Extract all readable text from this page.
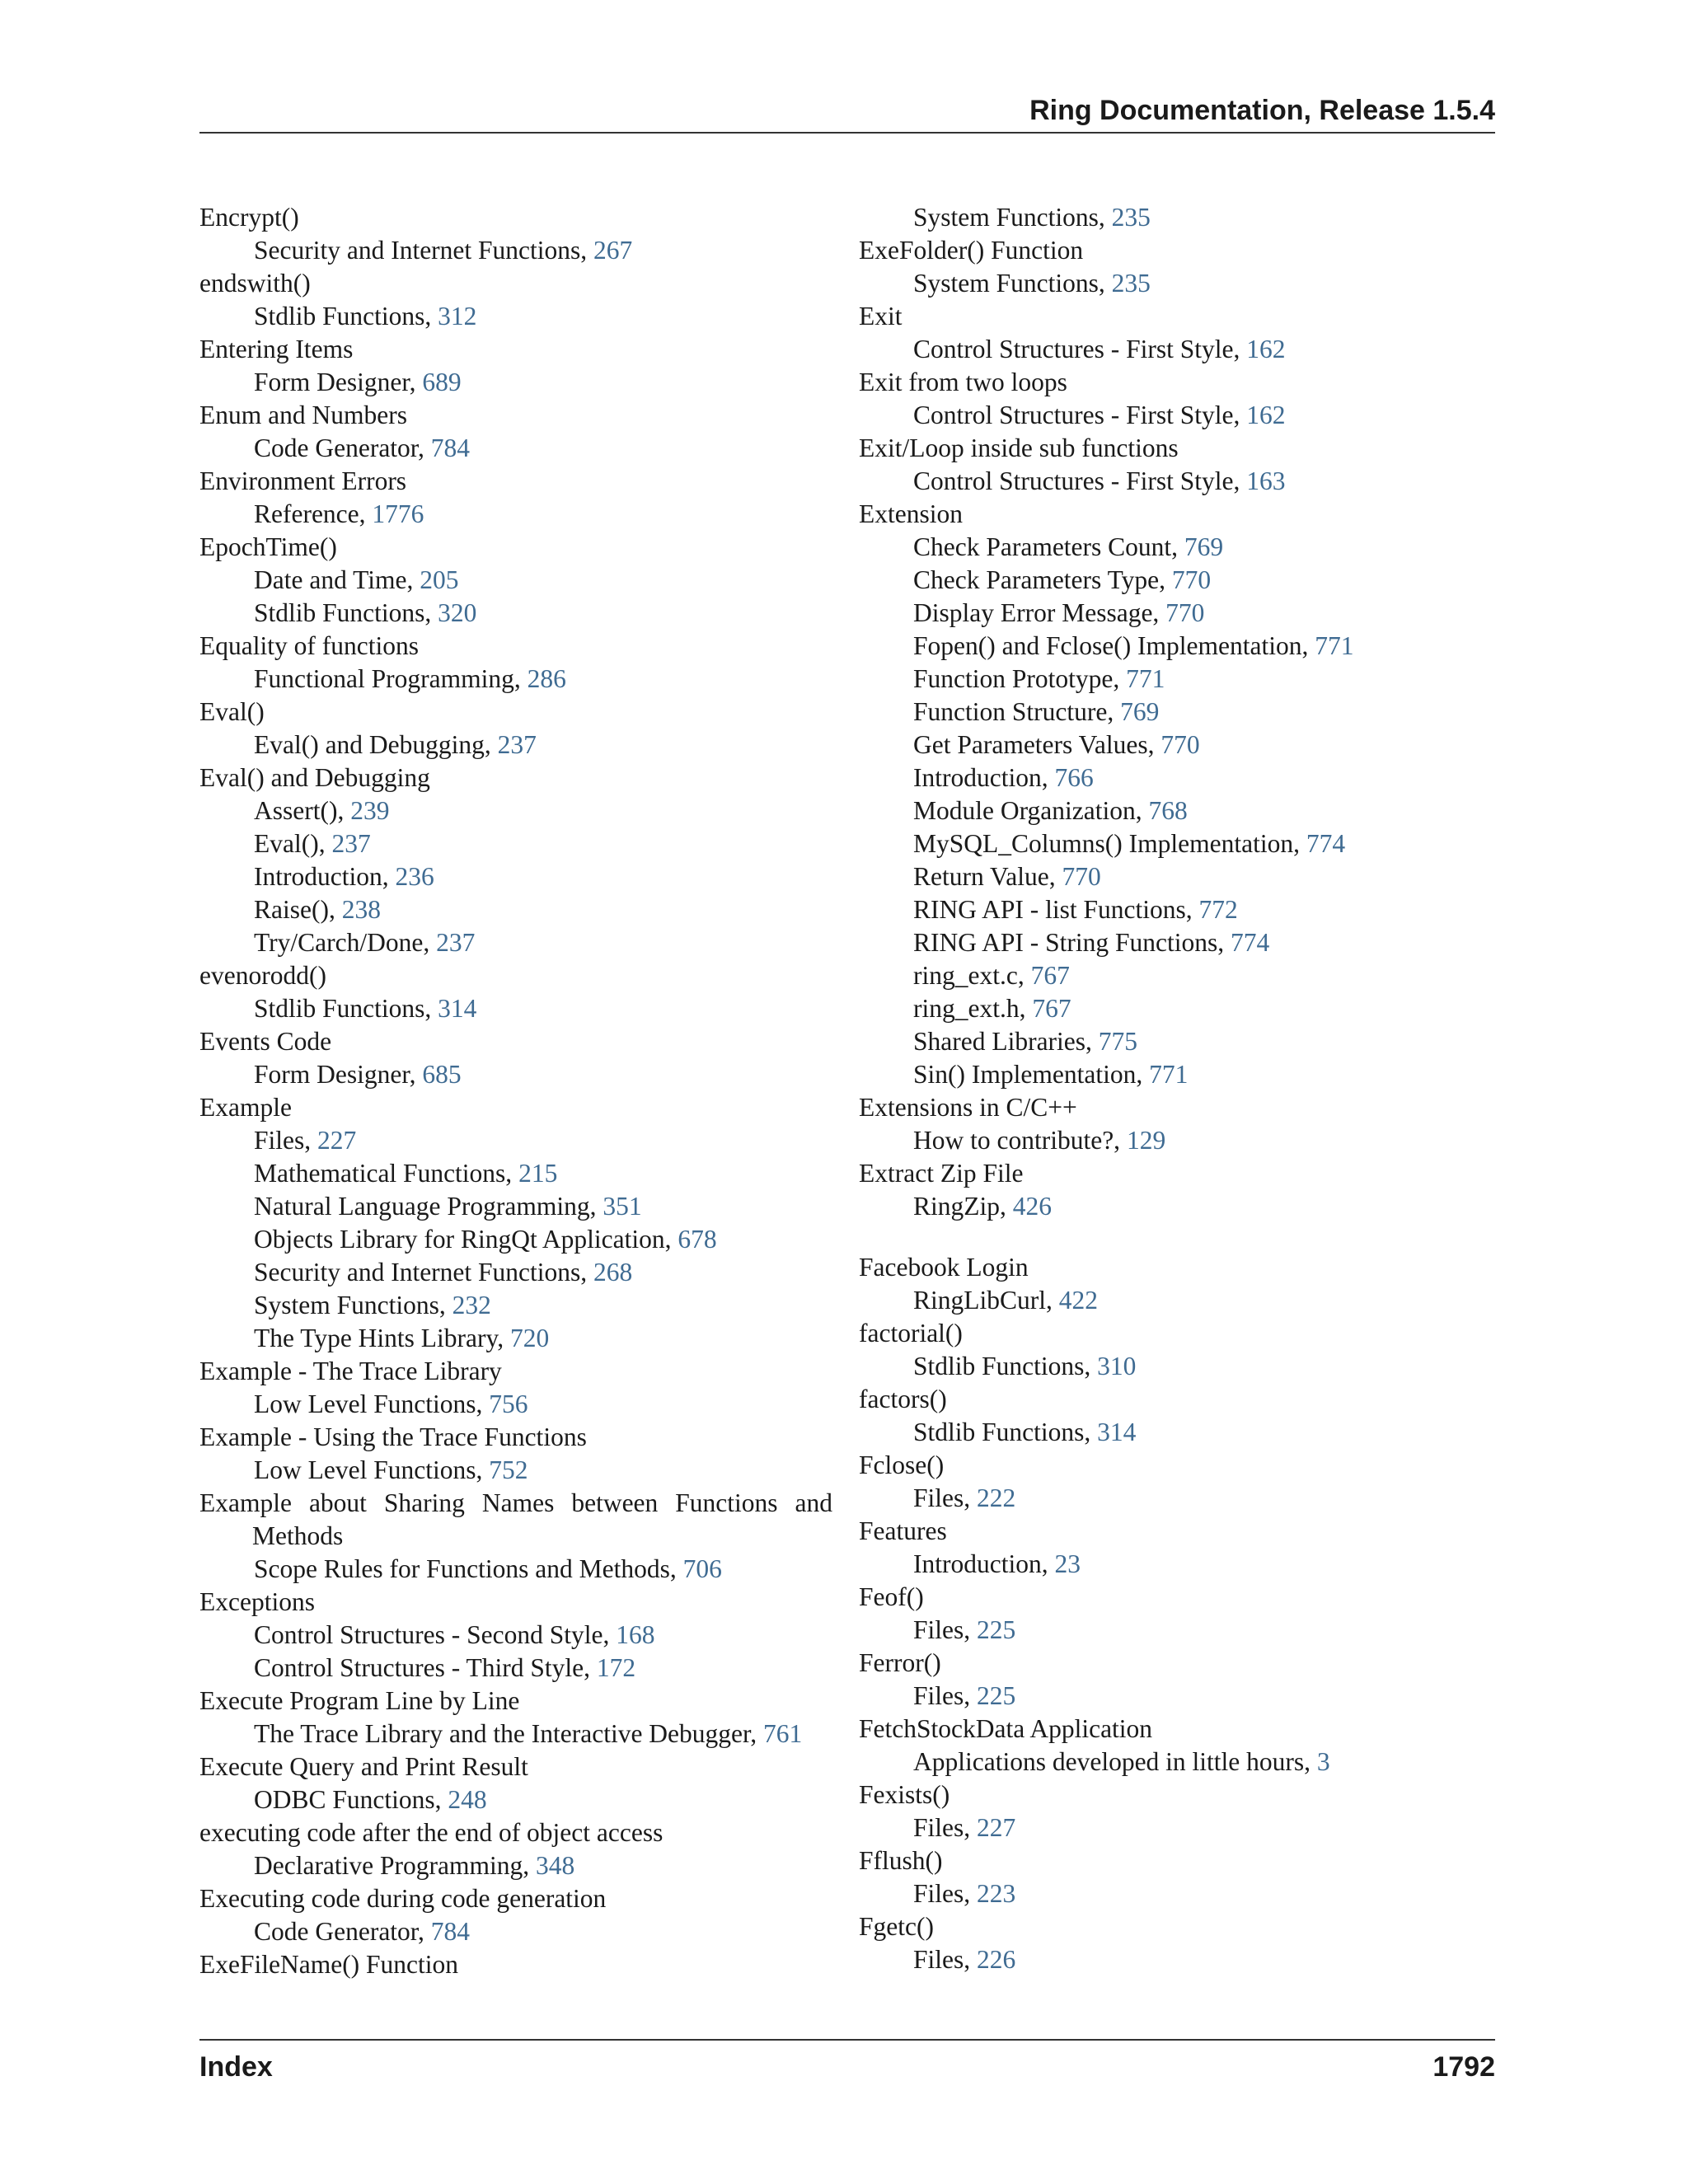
Ring Documentation, Release 1.5.4
Encrypt()
Security and Internet Functions, 267
endswith()
Stdlib Functions, 312
Entering Items
Form Designer, 689
Enum and Numbers
Code Generator, 784
Environment Errors
Reference, 1776
EpochTime()
Date and Time, 205
Stdlib Functions, 320
Equality of functions
Functional Programming, 286
Eval()
Eval() and Debugging, 237
Eval() and Debugging
Assert(), 239
Eval(), 237
Introduction, 236
Raise(), 238
Try/Carch/Done, 237
evenorodd()
Stdlib Functions, 314
Events Code
Form Designer, 685
Example
Files, 227
Mathematical Functions, 215
Natural Language Programming, 351
Objects Library for RingQt Application, 678
Security and Internet Functions, 268
System Functions, 232
The Type Hints Library, 720
Example - The Trace Library
Low Level Functions, 756
Example - Using the Trace Functions
Low Level Functions, 752
Example about Sharing Names between Functions and Methods
Scope Rules for Functions and Methods, 706
Exceptions
Control Structures - Second Style, 168
Control Structures - Third Style, 172
Execute Program Line by Line
The Trace Library and the Interactive Debugger, 761
Execute Query and Print Result
ODBC Functions, 248
executing code after the end of object access
Declarative Programming, 348
Executing code during code generation
Code Generator, 784
ExeFileName() Function
System Functions, 235
ExeFolder() Function
System Functions, 235
Exit
Control Structures - First Style, 162
Exit from two loops
Control Structures - First Style, 162
Exit/Loop inside sub functions
Control Structures - First Style, 163
Extension
Check Parameters Count, 769
Check Parameters Type, 770
Display Error Message, 770
Fopen() and Fclose() Implementation, 771
Function Prototype, 771
Function Structure, 769
Get Parameters Values, 770
Introduction, 766
Module Organization, 768
MySQL_Columns() Implementation, 774
Return Value, 770
RING API - list Functions, 772
RING API - String Functions, 774
ring_ext.c, 767
ring_ext.h, 767
Shared Libraries, 775
Sin() Implementation, 771
Extensions in C/C++
How to contribute?, 129
Extract Zip File
RingZip, 426
Facebook Login
RingLibCurl, 422
factorial()
Stdlib Functions, 310
factors()
Stdlib Functions, 314
Fclose()
Files, 222
Features
Introduction, 23
Feof()
Files, 225
Ferror()
Files, 225
FetchStockData Application
Applications developed in little hours, 3
Fexists()
Files, 227
Fflush()
Files, 223
Fgetc()
Files, 226
Index	1792
